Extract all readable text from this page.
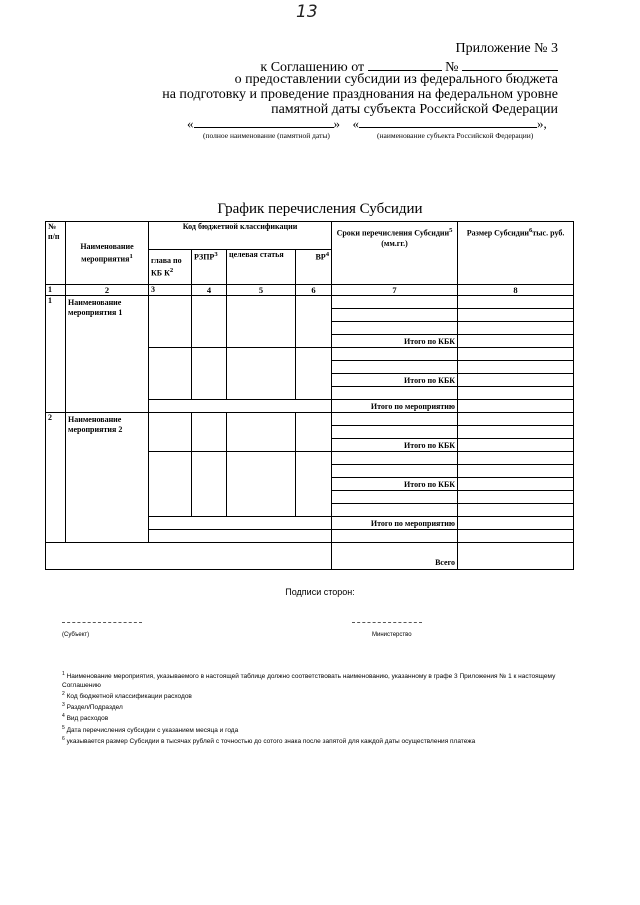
13
Приложение № 3
к Соглашению от	№
о предоставлении субсидии из федерального бюджета
на подготовку и проведение празднования на федеральном уровне
памятной даты субъекта Российской Федерации
«	» «	»,
(полное наименование (памятной даты)	(наименование субъекта Российской Федерации)
График перечисления Субсидии
№ п/п	Наименование мероприятия$^1$	Код бюджетной классификации				Сроки перечисления Субсидии$^5$ (мм.гг.)	Размер Субсидии$^6$тыс. руб.
		глава по КБ $К^2$	РЗПР$^3$	целевая статья	$ВР^4$
1	2	3	4	5	6	7	8
1	Наименование мероприятия 1						

						Итого по КБК	

						Итого по КБК	

						Итого по мероприятию	
2	Наименование мероприятия 2						

						Итого по КБК	

						Итого по КБК	

						Итого по мероприятию	

						Всего	
Подписи сторон:
(Субъект)	Министерство
$^1$ Наименование мероприятия, указываемого в настоящей таблице должно соответствовать наименованию, указанному в графе 3 Приложения № 1 к настоящему Соглашению
$^2$ Код бюджетной классификации расходов
$^3$ Раздел/Подраздел
$^4$ Вид расходов
$^5$ Дата перечисления субсидии с указанием месяца и года
$^6$ указывается размер Субсидии в тысячах рублей с точностью до сотого знака после запятой для каждой даты осуществления платежа
